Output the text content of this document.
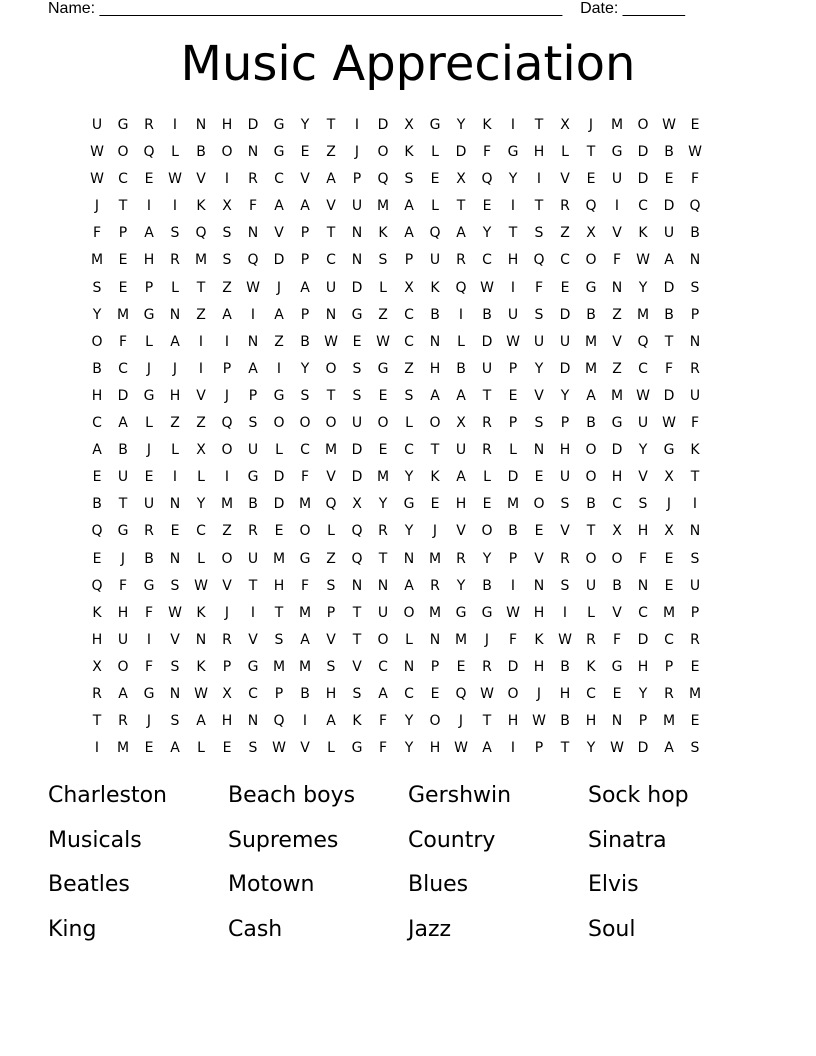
Name: ____________________________________________________    Date: _______
Music Appreciation
U	G	R	I	N	H	D	G	Y	T	I	D	X	G	Y	K	I	T	X	J	M	O W	E
W O	Q	L	B	O	N	G	E	Z	J	O	K	L	D	F	G	H	L	T	G	D	B	W
W	C	E	W	V	I	R	C	V	A	P	Q	S	E	X	Q	Y	I	V	E	U	D	E	F
J	T	I	I	K	X	F	A	A	V	U	M	A	L	T	E	I	T	R	Q	I	C	D	Q
F	P	A	S	Q	S	N	V	P	T	N	K	A	Q	A	Y	T	S	Z	X	V	K	U	B
M	E	H	R	M	S	Q	D	P	C	N	S	P	U	R	C	H	Q	C	O	F	W	A	N
S	E	P	L	T	Z	W	J	A	U	D	L	X	K	Q W	I	F	E	G	N	Y	D	S
Y	M	G	N	Z	A	I	A	P	N	G	Z	C	B	I	B	U	S	D	B	Z	M	B	P
O	F	L	A	I	I	N	Z	B	W	E	W	C	N	L	D W U	U	M	V	Q	T	N
B	C	J	J	I	P	A	I	Y	O	S	G	Z	H	B	U	P	Y	D	M	Z	C	F	R
H	D	G	H	V	J	P	G	S	T	S	E	S	A	A	T	E	V	Y	A	M W D	U
C	A	L	Z	Z	Q	S	O	O	O	U	O	L	O	X	R	P	S	P	B	G	U W	F
A	B	J	L	X	O	U	L	C	M	D	E	C	T	U	R	L	N	H	O	D	Y	G	K
E	U	E	I	L	I	G	D	F	V	D	M	Y	K	A	L	D	E	U	O	H	V	X	T
B	T	U	N	Y	M	B	D	M	Q	X	Y	G	E	H	E	M	O	S	B	C	S	J	I
Q	G	R	E	C	Z	R	E	O	L	Q	R	Y	J	V	O	B	E	V	T	X	H	X	N
E	J	B	N	L	O	U	M	G	Z	Q	T	N	M	R	Y	P	V	R	O	O	F	E	S
Q	F	G	S	W	V	T	H	F	S	N	N	A	R	Y	B	I	N	S	U	B	N	E	U
K	H	F	W	K	J	I	T	M	P	T	U	O	M	G	G W H	I	L	V	C	M	P
H	U	I	V	N	R	V	S	A	V	T	O	L	N	M	J	F	K	W	R	F	D	C	R
X	O	F	S	K	P	G	M M	S	V	C	N	P	E	R	D	H	B	K	G	H	P	E
R	A	G	N W	X	C	P	B	H	S	A	C	E	Q W O	J	H	C	E	Y	R	M
T	R	J	S	A	H	N	Q	I	A	K	F	Y	O	J	T	H W	B	H	N	P	M	E
I	M	E	A	L	E	S	W	V	L	G	F	Y	H W	A	I	P	T	Y	W D	A	S
Charleston	Beach boys	Gershwin	Sock hop
Musicals	Supremes	Country	Sinatra
Beatles	Motown	Blues	Elvis
King	Cash	Jazz	Soul
